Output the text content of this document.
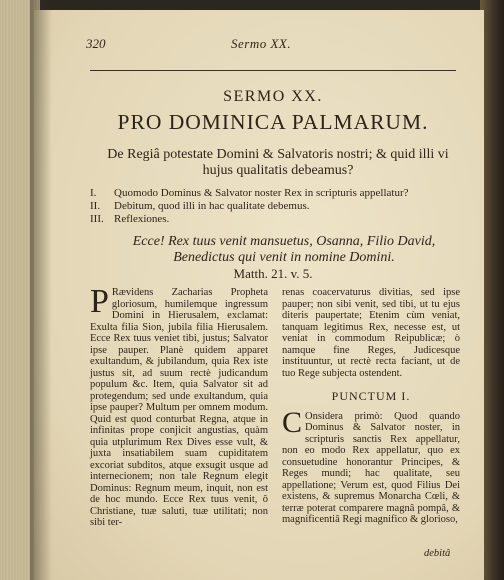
320	Sermo XX.
SERMO XX.
PRO DOMINICA PALMARUM.
De Regiâ potestate Domini & Salvatoris nostri; & quid illi vi hujus qualitatis debeamus?
I. Quomodo Dominus & Salvator noster Rex in scripturis appellatur?
II. Debitum, quod illi in hac qualitate debemus.
III. Reflexiones.
Ecce! Rex tuus venit mansuetus, Osanna, Filio David, Benedictus qui venit in nomine Domini.
Matth. 21. v. 5.
P Rævidens Zacharias Propheta gloriosum, humilemque ingressum Domini in Hierusalem, exclamat: Exulta filia Sion, jubila filia Hierusalem. Ecce Rex tuus veniet tibi, justus; Salvator ipse pauper. Planè quidem apparet exultandum, & jubilandum, quia Rex iste justus sit, ad suum rectè judicandum populum &c. Item, quia Salvator sit ad protegendum; sed unde exultandum, quia ipse pauper? Multum per omnem modum. Quid est quod conturbat Regna, atque in infinitas prope conjicit angustias, quàm quia utplurimum Rex Dives esse vult, & juxta insatiabilem suam cupiditatem excoriat subditos, atque exsugit usque ad internecionem; non tale Regnum elegit Dominus: Regnum meum, inquit, non est de hoc mundo. Ecce Rex tuus venit, ô Christiane, tuæ saluti, tuæ utilitati; non sibi ter-

renas coacervaturus divitias, sed ipse pauper; non sibi venit, sed tibi, ut tu ejus diteris paupertate; Etenim cùm veniat, tanquam legitimus Rex, necesse est, ut veniat in commodum Reipublicæ; ò namque fine Reges, Judicesque instituuntur, ut rectè recta faciant, ut de tuo Rege subjecta ostendent.

PUNCTUM I.
C Onsidera primò: Quod quando Dominus & Salvator noster, in scripturis sanctis Rex appellatur, non eo modo Rex appellatur, quo ex consuetudine honorantur Principes, & Reges mundi; hac qualitate, seu appellatione; Verum est, quod Filius Dei existens, & supremus Monarcha Cœli, & terræ poterat comparere magnâ pompâ, & magnificentiâ Regi magnifico & glorioso,

debitâ
